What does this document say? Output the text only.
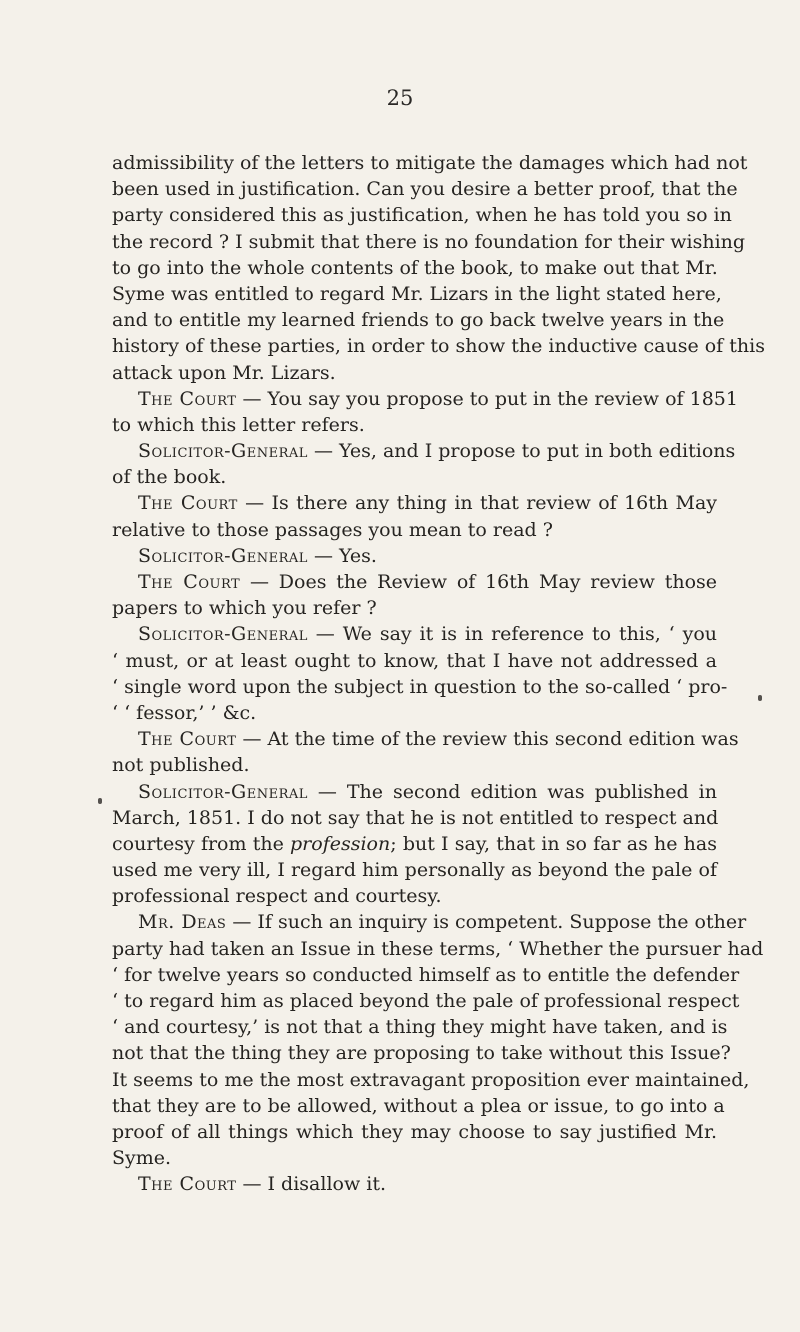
25
admissibility of the letters to mitigate the damages which had not
been used in justification. Can you desire a better proof, that the
party considered this as justification, when he has told you so in
the record ? I submit that there is no foundation for their wishing
to go into the whole contents of the book, to make out that Mr.
Syme was entitled to regard Mr. Lizars in the light stated here,
and to entitle my learned friends to go back twelve years in the
history of these parties, in order to show the inductive cause of this
attack upon Mr. Lizars.
The Court — You say you propose to put in the review of 1851
to which this letter refers.
Solicitor-General — Yes, and I propose to put in both editions
of the book.
The Court — Is there any thing in that review of 16th May
relative to those passages you mean to read ?
Solicitor-General — Yes.
The Court — Does the Review of 16th May review those
papers to which you refer ?
Solicitor-General — We say it is in reference to this, ‘ you
‘ must, or at least ought to know, that I have not addressed a
‘ single word upon the subject in question to the so-called ‘ pro-
‘ ‘ fessor,’ ’ &c.
The Court — At the time of the review this second edition was
not published.
Solicitor-General — The second edition was published in
March, 1851. I do not say that he is not entitled to respect and
courtesy from the profession; but I say, that in so far as he has
used me very ill, I regard him personally as beyond the pale of
professional respect and courtesy.
Mr. Deas — If such an inquiry is competent. Suppose the other
party had taken an Issue in these terms, ‘ Whether the pursuer had
‘ for twelve years so conducted himself as to entitle the defender
‘ to regard him as placed beyond the pale of professional respect
‘ and courtesy,’ is not that a thing they might have taken, and is
not that the thing they are proposing to take without this Issue?
It seems to me the most extravagant proposition ever maintained,
that they are to be allowed, without a plea or issue, to go into a
proof of all things which they may choose to say justified Mr.
Syme.
The Court — I disallow it.
